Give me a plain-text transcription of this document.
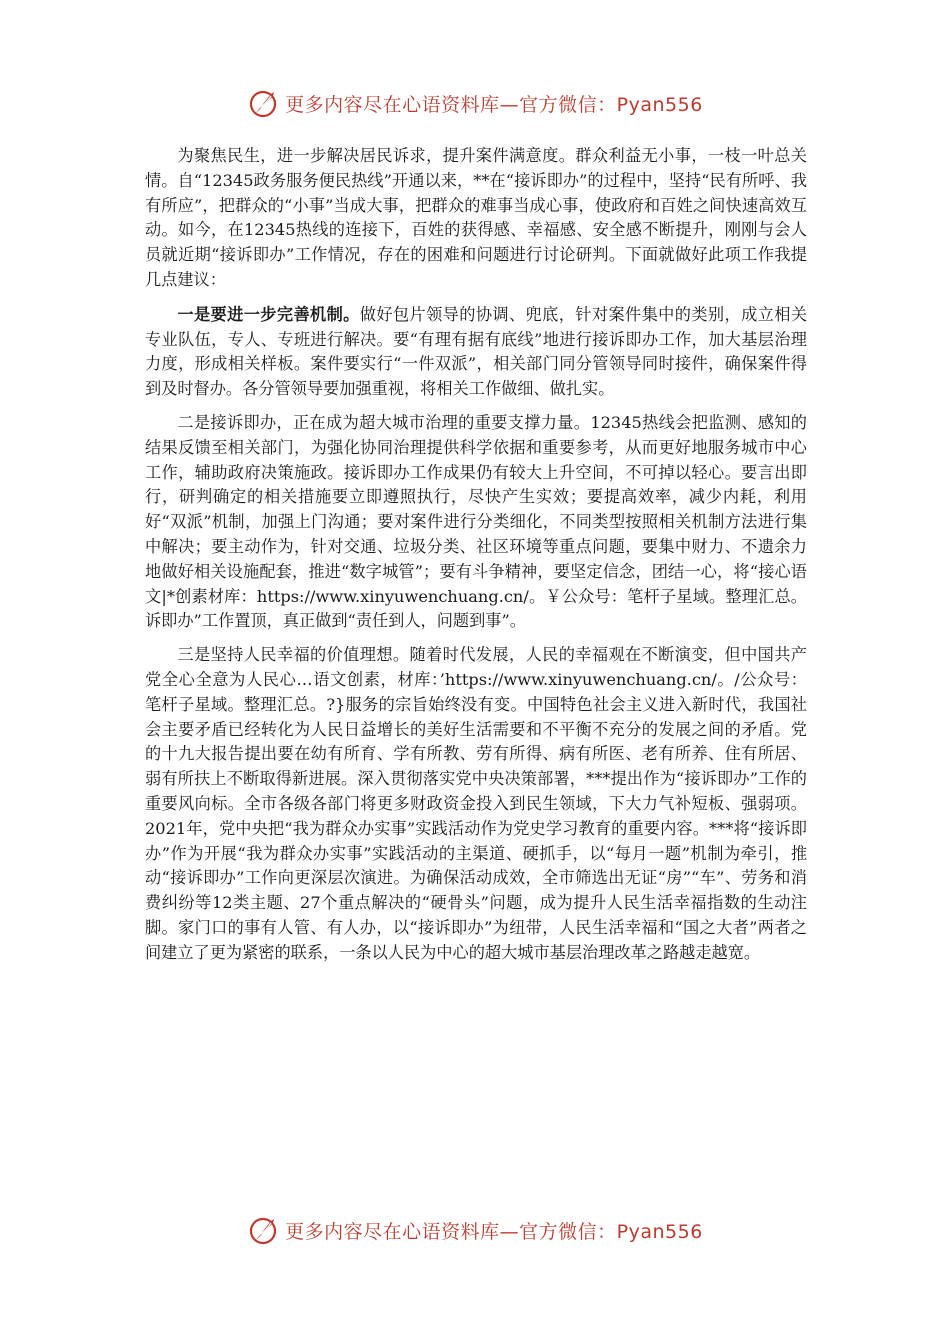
更多内容尽在心语资料库—官方微信：Pyan556

为聚焦民生，进一步解决居民诉求，提升案件满意度。群众利益无小事，一枝一叶总关情。自“12345政务服务便民热线”开通以来，**在“接诉即办”的过程中，坚持“民有所呼、我有所应”，把群众的“小事”当成大事，把群众的难事当成心事，使政府和百姓之间快速高效互动。如今，在12345热线的连接下，百姓的获得感、幸福感、安全感不断提升，刚刚与会人员就近期“接诉即办”工作情况，存在的困难和问题进行讨论研判。下面就做好此项工作我提几点建议：

一是要进一步完善机制。做好包片领导的协调、兜底，针对案件集中的类别，成立相关专业队伍，专人、专班进行解决。要“有理有据有底线”地进行接诉即办工作，加大基层治理力度，形成相关样板。案件要实行“一件双派”，相关部门同分管领导同时接件，确保案件得到及时督办。各分管领导要加强重视，将相关工作做细、做扎实。

二是接诉即办，正在成为超大城市治理的重要支撑力量。12345热线会把监测、感知的结果反馈至相关部门，为强化协同治理提供科学依据和重要参考，从而更好地服务城市中心工作，辅助政府决策施政。接诉即办工作成果仍有较大上升空间，不可掉以轻心。要言出即行，研判确定的相关措施要立即遵照执行，尽快产生实效；要提高效率，减少内耗，利用好“双派”机制，加强上门沟通；要对案件进行分类细化，不同类型按照相关机制方法进行集中解决；要主动作为，针对交通、垃圾分类、社区环境等重点问题，要集中财力、不遗余力地做好相关设施配套，推进“数字城管”；要有斗争精神，要坚定信念，团结一心，将“接心语文|*创素材库：https://www.xinyuwenchuang.cn/。￥公众号：笔杆子星域。整理汇总。诉即办”工作置顶，真正做到“责任到人，问题到事”。

三是坚持人民幸福的价值理想。随着时代发展，人民的幸福观在不断演变，但中国共产党全心全意为人民心…语文创素，材库：’https://www.xinyuwenchuang.cn/。/公众号：笔杆子星域。整理汇总。?}服务的宗旨始终没有变。中国特色社会主义进入新时代，我国社会主要矛盾已经转化为人民日益增长的美好生活需要和不平衡不充分的发展之间的矛盾。党的十九大报告提出要在幼有所育、学有所教、劳有所得、病有所医、老有所养、住有所居、弱有所扶上不断取得新进展。深入贯彻落实党中央决策部署，***提出作为“接诉即办”工作的重要风向标。全市各级各部门将更多财政资金投入到民生领域，下大力气补短板、强弱项。2021年，党中央把“我为群众办实事”实践活动作为党史学习教育的重要内容。***将“接诉即办”作为开展“我为群众办实事”实践活动的主渠道、硬抓手，以“每月一题”机制为牵引，推动“接诉即办”工作向更深层次演进。为确保活动成效，全市筛选出无证“房”“车”、劳务和消费纠纷等12类主题、27个重点解决的“硬骨头”问题，成为提升人民生活幸福指数的生动注脚。家门口的事有人管、有人办，以“接诉即办”为纽带，人民生活幸福和“国之大者”两者之间建立了更为紧密的联系，一条以人民为中心的超大城市基层治理改革之路越走越宽。

更多内容尽在心语资料库—官方微信：Pyan556
